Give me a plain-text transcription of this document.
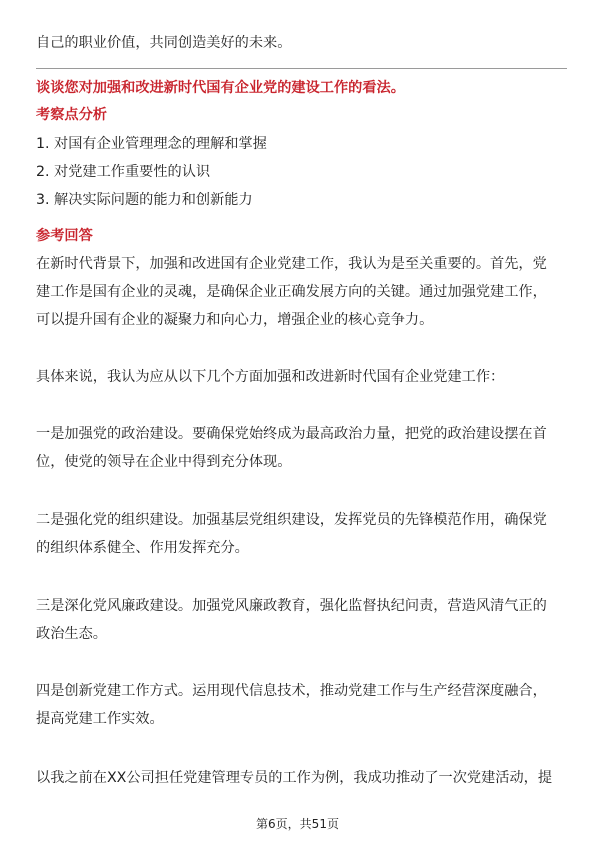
自己的职业价值，共同创造美好的未来。
谈谈您对加强和改进新时代国有企业党的建设工作的看法。
考察点分析
1. 对国有企业管理理念的理解和掌握
2. 对党建工作重要性的认识
3. 解决实际问题的能力和创新能力
参考回答
在新时代背景下，加强和改进国有企业党建工作，我认为是至关重要的。首先，党
建工作是国有企业的灵魂，是确保企业正确发展方向的关键。通过加强党建工作，
可以提升国有企业的凝聚力和向心力，增强企业的核心竞争力。
具体来说，我认为应从以下几个方面加强和改进新时代国有企业党建工作：
一是加强党的政治建设。要确保党始终成为最高政治力量，把党的政治建设摆在首
位，使党的领导在企业中得到充分体现。
二是强化党的组织建设。加强基层党组织建设，发挥党员的先锋模范作用，确保党
的组织体系健全、作用发挥充分。
三是深化党风廉政建设。加强党风廉政教育，强化监督执纪问责，营造风清气正的
政治生态。
四是创新党建工作方式。运用现代信息技术，推动党建工作与生产经营深度融合，
提高党建工作实效。
以我之前在XX公司担任党建管理专员的工作为例，我成功推动了一次党建活动，提
第6页，共51页
